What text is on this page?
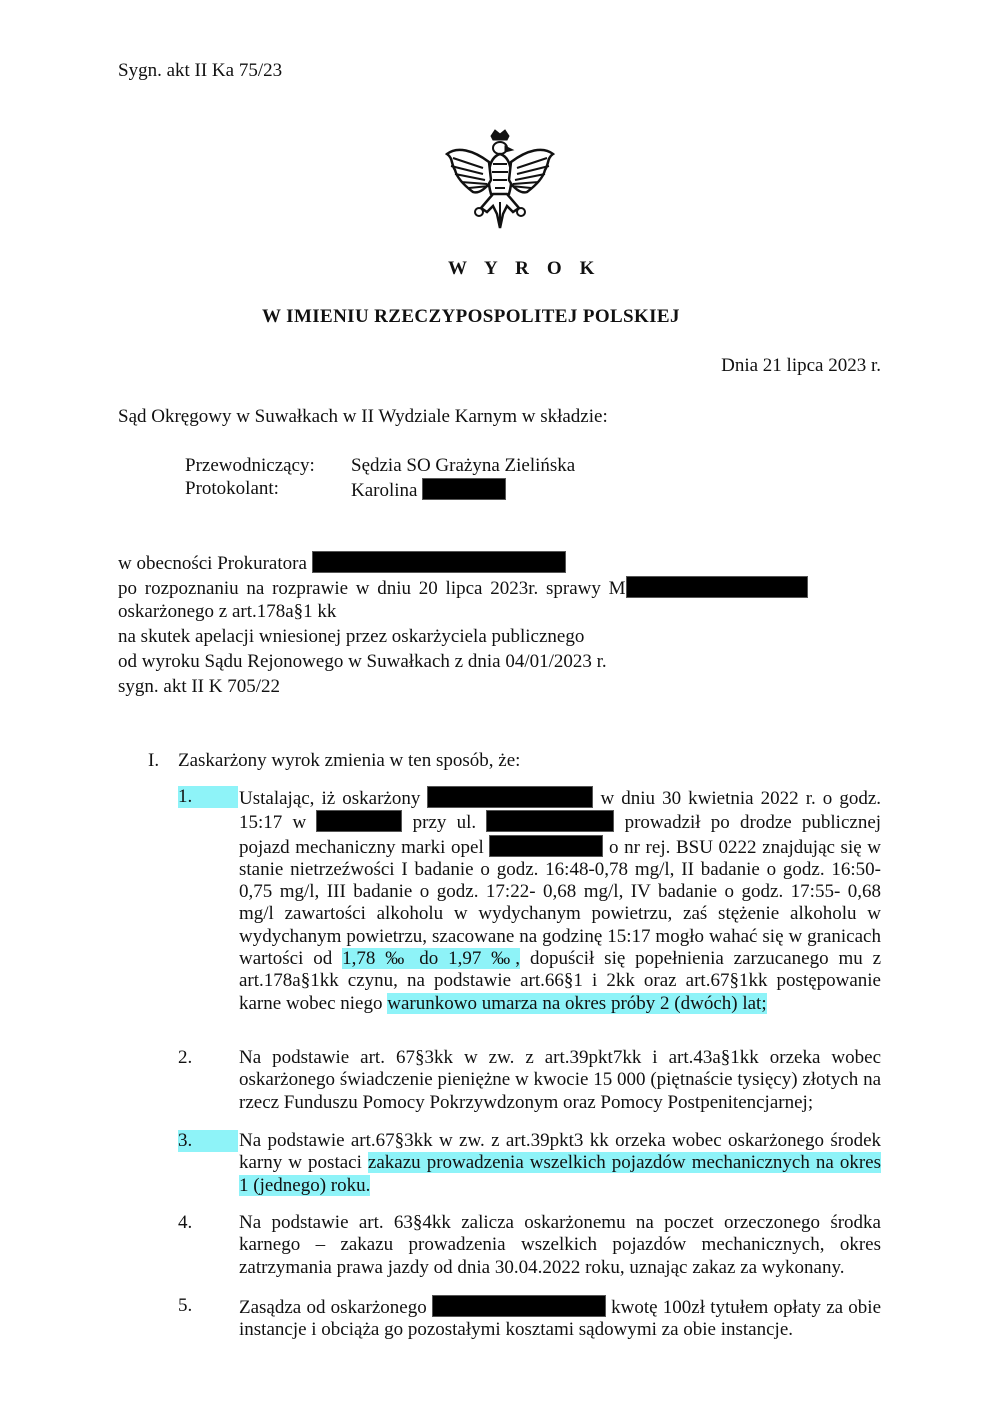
Sygn. akt II Ka 75/23
W Y R O K
W IMIENIU RZECZYPOSPOLITEJ POLSKIEJ
Dnia 21 lipca 2023 r.
Sąd Okręgowy w Suwałkach w II Wydziale Karnym w składzie:
Przewodniczący: Sędzia SO Grażyna Zielińska
Protokolant:	Karolina
w obecności Prokuratora
po rozpoznaniu na rozprawie w dniu 20 lipca 2023r. sprawy M
oskarżonego z art.178a§1 kk
na skutek apelacji wniesionej przez oskarżyciela publicznego
od wyroku Sądu Rejonowego w Suwałkach z dnia 04/01/2023 r.
sygn. akt II K 705/22
I. Zaskarżony wyrok zmienia w ten sposób, że:
1.	Ustalając, iż oskarżony	w dniu 30 kwietnia 2022 r. o godz. 15:17 w	przy ul.	prowadził po drodze publicznej pojazd mechaniczny marki opel	o nr rej. BSU 0222 znajdując się w stanie nietrzeźwości I badanie o godz. 16:48-0,78 mg/l, II badanie o godz. 16:50-0,75 mg/l, III badanie o godz. 17:22- 0,68 mg/l, IV badanie o godz. 17:55- 0,68 mg/l zawartości alkoholu w wydychanym powietrzu, zaś stężenie alkoholu w wydychanym powietrzu, szacowane na godzinę 15:17 mogło wahać się w granicach wartości od 1,78 ‰ do 1,97 ‰, dopuścił się popełnienia zarzucanego mu z art.178a§1kk czynu, na podstawie art.66§1 i 2kk oraz art.67§1kk postępowanie karne wobec niego warunkowo umarza na okres próby 2 (dwóch) lat;
2.	Na podstawie art. 67§3kk w zw. z art.39pkt7kk i art.43a§1kk orzeka wobec oskarżonego świadczenie pieniężne w kwocie 15 000 (piętnaście tysięcy) złotych na rzecz Funduszu Pomocy Pokrzywdzonym oraz Pomocy Postpenitencjarnej;
3.	Na podstawie art.67§3kk w zw. z art.39pkt3 kk orzeka wobec oskarżonego środek karny w postaci zakazu prowadzenia wszelkich pojazdów mechanicznych na okres 1 (jednego) roku.
4.	Na podstawie art. 63§4kk zalicza oskarżonemu na poczet orzeczonego środka karnego – zakazu prowadzenia wszelkich pojazdów mechanicznych, okres zatrzymania prawa jazdy od dnia 30.04.2022 roku, uznając zakaz za wykonany.
5.	Zasądza od oskarżonego	kwotę 100zł tytułem opłaty za obie instancje i obciąża go pozostałymi kosztami sądowymi za obie instancje.
